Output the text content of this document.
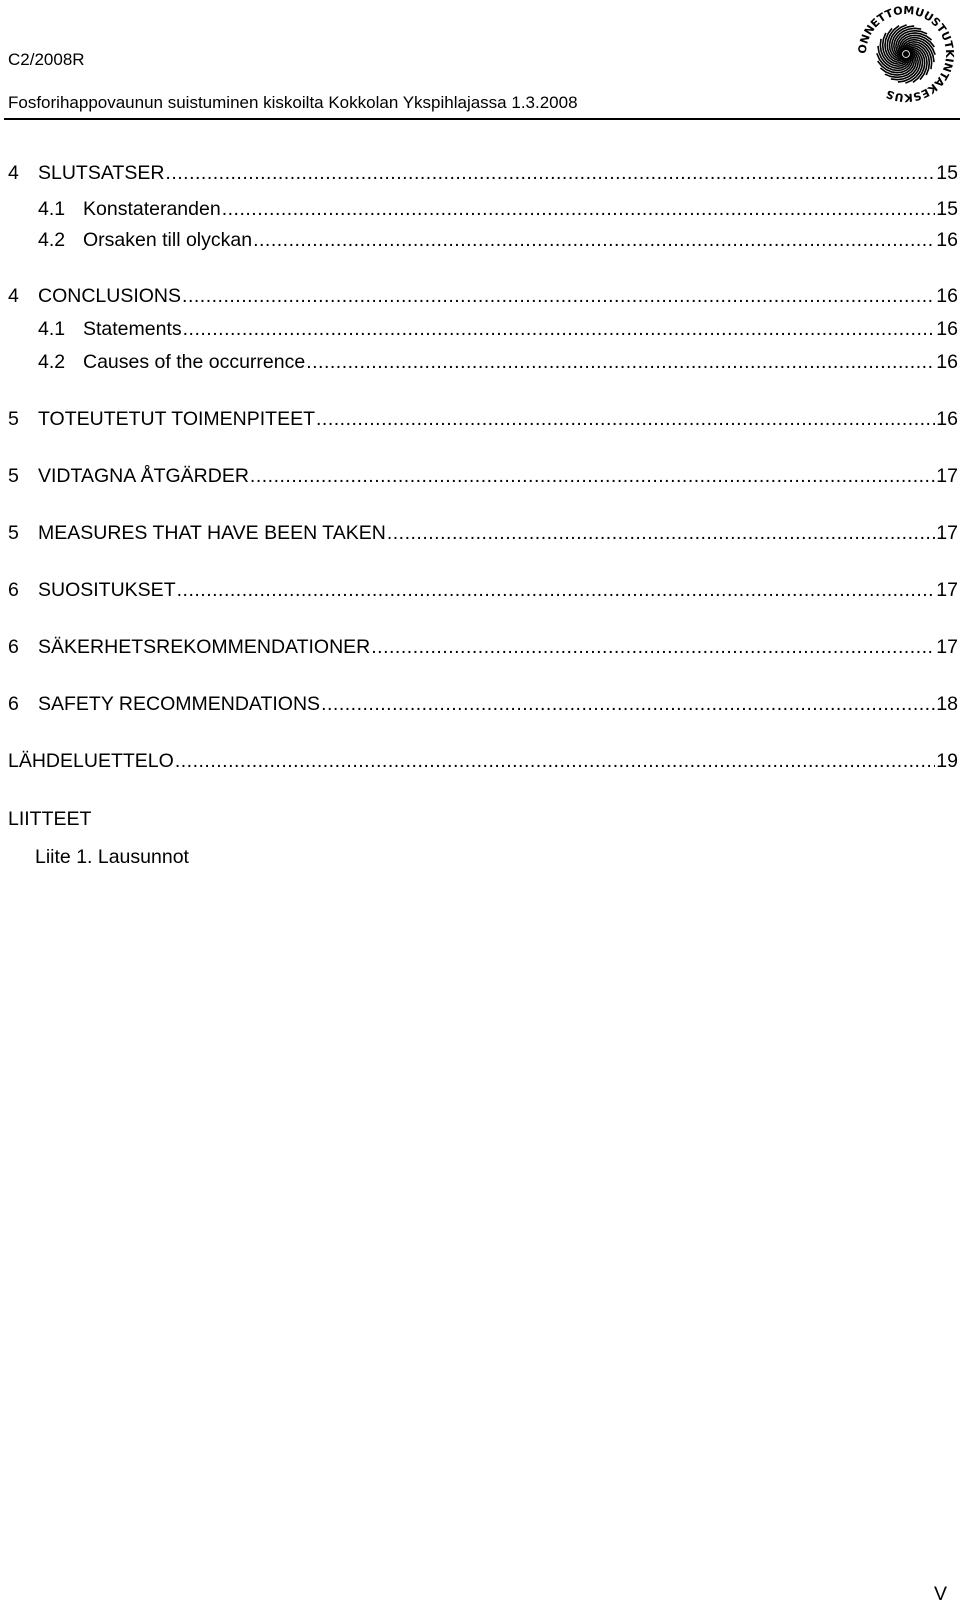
C2/2008R
Fosforihappovaunun suistuminen kiskoilta Kokkolan Ykspihlajassa 1.3.2008
ONNETTOMUUSTUTKINTAKESKUS
4 SLUTSATSER .....	15
4.1 Konstateranden .....	15
4.2 Orsaken till olyckan .....	16
4 CONCLUSIONS .....	16
4.1 Statements .....	16
4.2 Causes of the occurrence .....	16
5 TOTEUTETUT TOIMENPITEET .....	16
5 VIDTAGNA ÅTGÄRDER .....	17
5 MEASURES THAT HAVE BEEN TAKEN .....	17
6 SUOSITUKSET .....	17
6 SÄKERHETSREKOMMENDATIONER .....	17
6 SAFETY RECOMMENDATIONS .....	18
LÄHDELUETTELO .....	19
LIITTEET
Liite 1. Lausunnot
V
